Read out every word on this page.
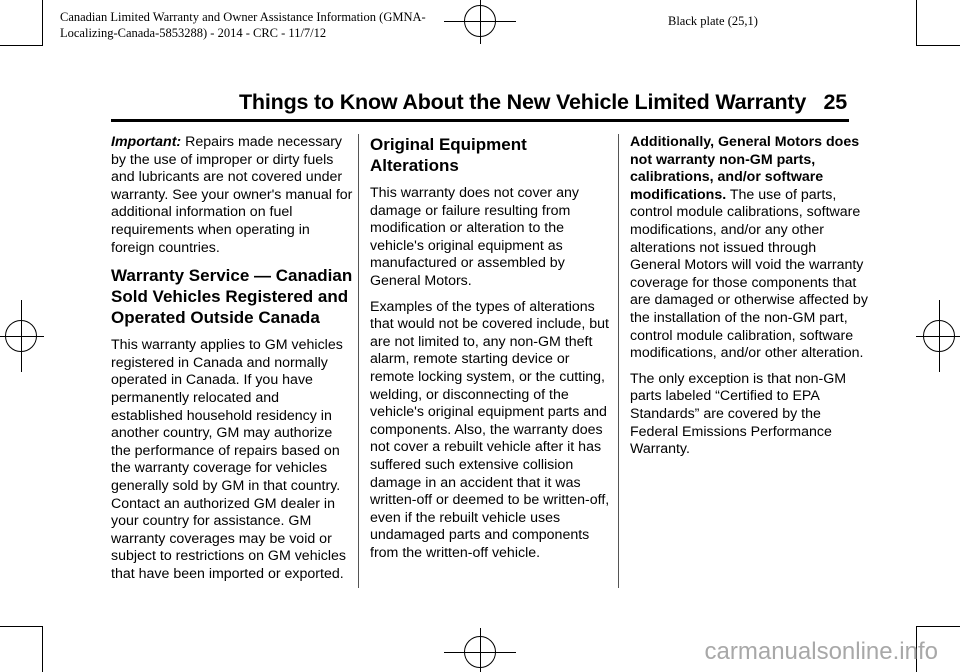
Canadian Limited Warranty and Owner Assistance Information (GMNA-
Localizing-Canada-5853288) - 2014 - CRC - 11/7/12
Black plate (25,1)
Things to Know About the New Vehicle Limited Warranty 25

Important: Repairs made necessary by the use of improper or dirty fuels and lubricants are not covered under warranty. See your owner's manual for additional information on fuel requirements when operating in foreign countries.

Warranty Service — Canadian Sold Vehicles Registered and Operated Outside Canada

This warranty applies to GM vehicles registered in Canada and normally operated in Canada. If you have permanently relocated and established household residency in another country, GM may authorize the performance of repairs based on the warranty coverage for vehicles generally sold by GM in that country. Contact an authorized GM dealer in your country for assistance. GM warranty coverages may be void or subject to restrictions on GM vehicles that have been imported or exported.

Original Equipment Alterations

This warranty does not cover any damage or failure resulting from modification or alteration to the vehicle's original equipment as manufactured or assembled by General Motors.

Examples of the types of alterations that would not be covered include, but are not limited to, any non-GM theft alarm, remote starting device or remote locking system, or the cutting, welding, or disconnecting of the vehicle's original equipment parts and components. Also, the warranty does not cover a rebuilt vehicle after it has suffered such extensive collision damage in an accident that it was written-off or deemed to be written-off, even if the rebuilt vehicle uses undamaged parts and components from the written-off vehicle.

Additionally, General Motors does not warranty non-GM parts, calibrations, and/or software modifications. The use of parts, control module calibrations, software modifications, and/or any other alterations not issued through General Motors will void the warranty coverage for those components that are damaged or otherwise affected by the installation of the non-GM part, control module calibration, software modifications, and/or other alteration.

The only exception is that non-GM parts labeled “Certified to EPA Standards” are covered by the Federal Emissions Performance Warranty.

carmanualsonline.info
